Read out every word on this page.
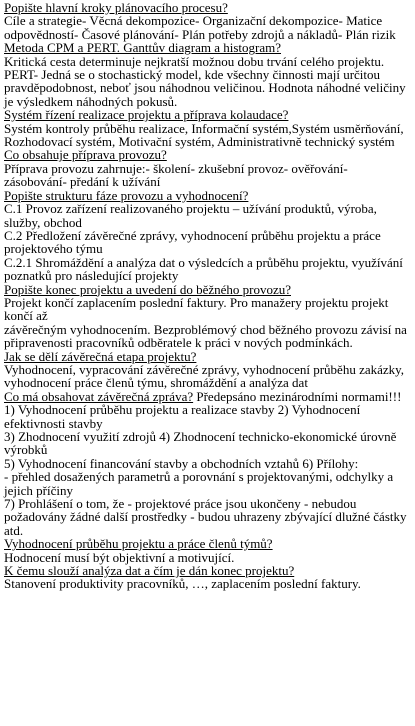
Popište hlavní kroky plánovacího procesu?
Cíle a strategie- Věcná dekompozice- Organizační dekompozice- Matice odpovědností- Časové plánování- Plán potřeby zdrojů a nákladů- Plán rizik
Metoda CPM a PERT. Ganttův diagram a histogram?
Kritická cesta determinuje nejkratší možnou dobu trvání celého projektu.
PERT- Jedná se o stochastický model, kde všechny činnosti mají určitou pravděpodobnost, neboť jsou náhodnou veličinou. Hodnota náhodné veličiny je výsledkem náhodných pokusů.
Systém řízení realizace projektu a příprava kolaudace?
Systém kontroly průběhu realizace, Informační systém,Systém usměrňování, Rozhodovací systém, Motivační systém, Administrativně technický systém
Co obsahuje příprava provozu?
Příprava provozu zahrnuje:- školení- zkušební provoz- ověřování- zásobování- předání k užívání
Popište strukturu fáze provozu a vyhodnocení?
C.1 Provoz zařízení realizovaného projektu – užívání produktů, výroba, služby, obchod
C.2 Předložení závěrečné zprávy, vyhodnocení průběhu projektu a práce projektového týmu
C.2.1 Shromáždění a analýza dat o výsledcích a průběhu projektu, využívání poznatků pro následující projekty
Popište konec projektu a uvedení do běžného provozu?
Projekt končí zaplacením poslední faktury. Pro manažery projektu projekt končí až
závěrečným vyhodnocením. Bezproblémový chod běžného provozu závisí na připravenosti pracovníků odběratele k práci v nových podmínkách.
Jak se dělí závěrečná etapa projektu?
Vyhodnocení, vypracování závěrečné zprávy, vyhodnocení průběhu zakázky, vyhodnocení práce členů týmu, shromáždění a analýza dat
Co má obsahovat závěrečná zpráva? Předepsáno mezinárodními normami!!!
1) Vyhodnocení průběhu projektu a realizace stavby 2) Vyhodnocení efektivnosti stavby
3) Zhodnocení využití zdrojů 4) Zhodnocení technicko-ekonomické úrovně výrobků
5) Vyhodnocení financování stavby a obchodních vztahů 6) Přílohy:
- přehled dosažených parametrů a porovnání s projektovanými, odchylky a jejich příčiny
7) Prohlášení o tom, že - projektové práce jsou ukončeny - nebudou požadovány žádné další prostředky - budou uhrazeny zbývající dlužné částky atd.
Vyhodnocení průběhu projektu a práce členů týmů?
Hodnocení musí být objektivní a motivující.
K čemu slouží analýza dat a čím je dán konec projektu?
Stanovení produktivity pracovníků, …, zaplacením poslední faktury.
